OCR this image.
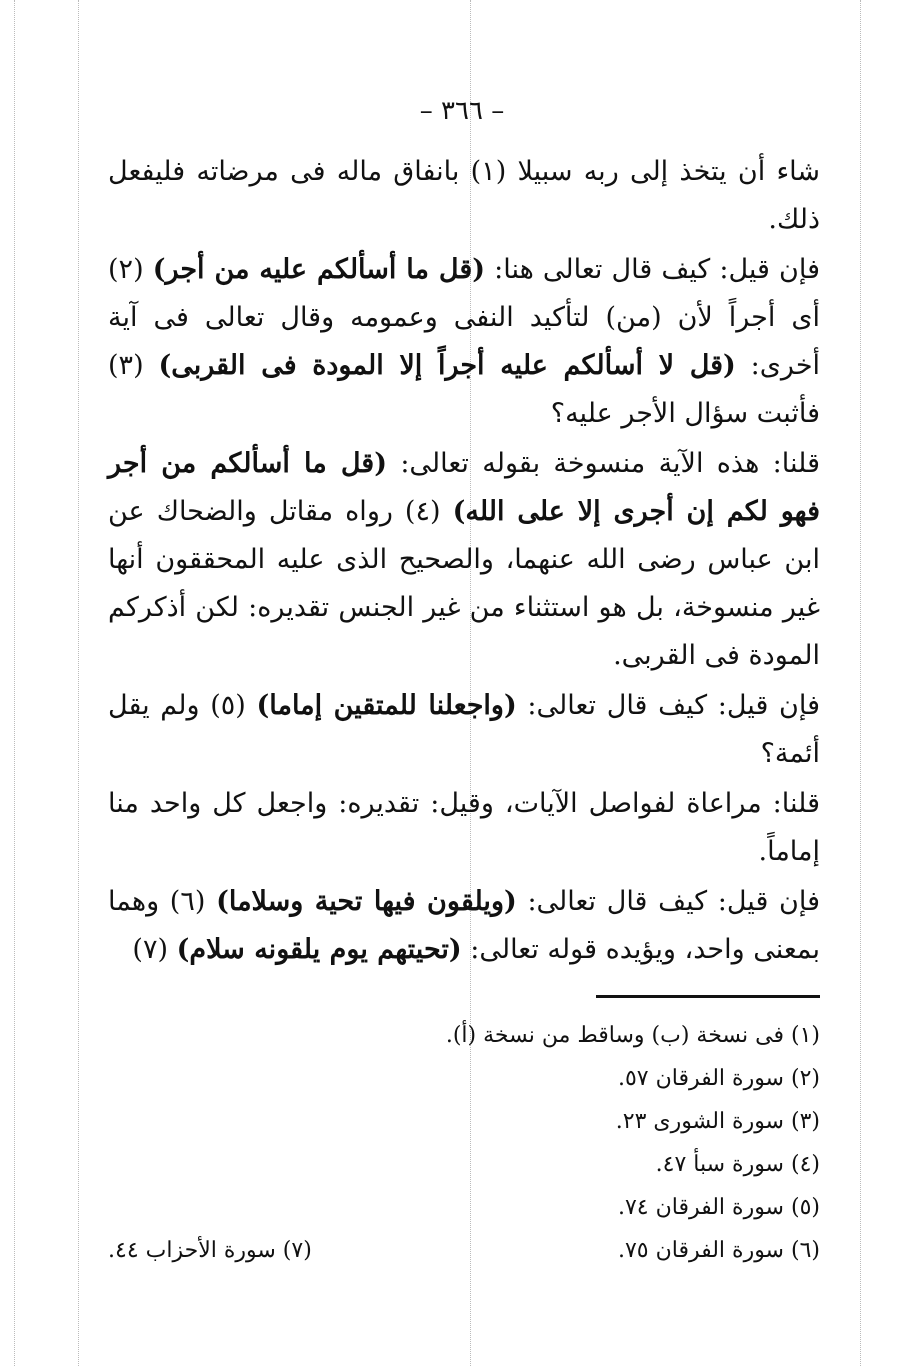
– ٣٦٦ –

شاء أن يتخذ إلى ربه سبيلا (١) بانفاق ماله فى مرضاته فليفعل ذلك.

فإن قيل: كيف قال تعالى هنا: (قل ما أسألكم عليه من أجر) (٢) أى أجراً لأن (من) لتأكيد النفى وعمومه وقال تعالى فى آية أخرى: (قل لا أسألكم عليه أجراً إلا المودة فى القربى) (٣) فأثبت سؤال الأجر عليه؟

قلنا: هذه الآية منسوخة بقوله تعالى: (قل ما أسألكم من أجر فهو لكم إن أجرى إلا على الله) (٤) رواه مقاتل والضحاك عن ابن عباس رضى الله عنهما، والصحيح الذى عليه المحققون أنها غير منسوخة، بل هو استثناء من غير الجنس تقديره: لكن أذكركم المودة فى القربى.

فإن قيل: كيف قال تعالى: (واجعلنا للمتقين إماما) (٥) ولم يقل أئمة؟

قلنا: مراعاة لفواصل الآيات، وقيل: تقديره: واجعل كل واحد منا إماماً.

فإن قيل: كيف قال تعالى: (ويلقون فيها تحية وسلاما) (٦) وهما بمعنى واحد، ويؤيده قوله تعالى: (تحيتهم يوم يلقونه سلام) (٧)

(١) فى نسخة (ب) وساقط من نسخة (أ).
(٢) سورة الفرقان ٥٧.
(٣) سورة الشورى ٢٣.
(٤) سورة سبأ ٤٧.
(٥) سورة الفرقان ٧٤.
(٦) سورة الفرقان ٧٥.
(٧) سورة الأحزاب ٤٤.
